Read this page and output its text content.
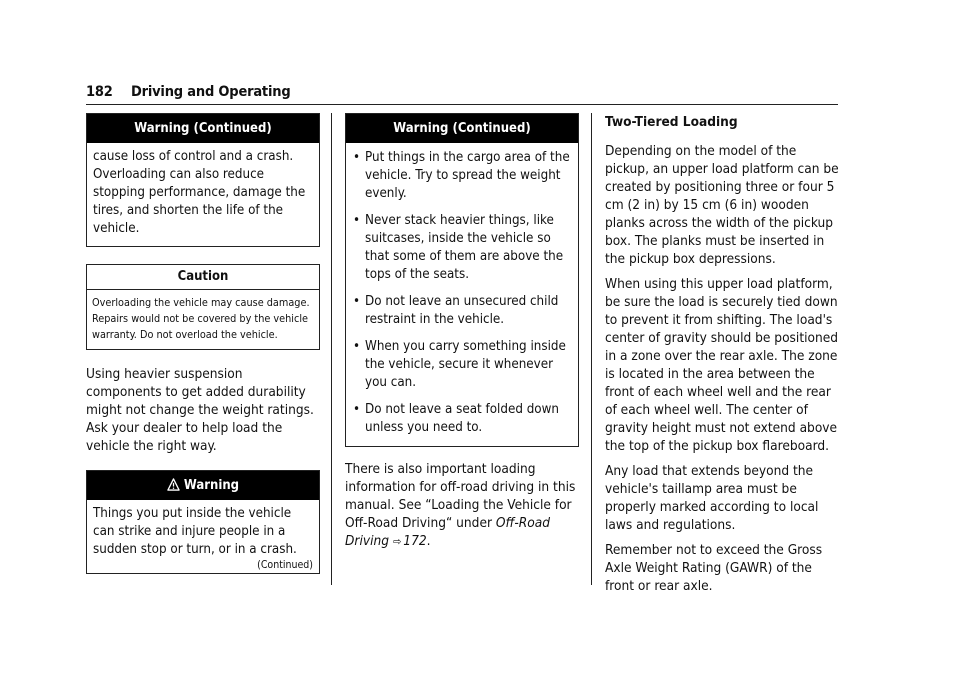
182 Driving and Operating
Warning (Continued)
cause loss of control and a crash. Overloading can also reduce stopping performance, damage the tires, and shorten the life of the vehicle.
Caution
Overloading the vehicle may cause damage. Repairs would not be covered by the vehicle warranty. Do not overload the vehicle.

Using heavier suspension components to get added durability might not change the weight ratings. Ask your dealer to help load the vehicle the right way.

Warning
Things you put inside the vehicle can strike and injure people in a sudden stop or turn, or in a crash.
(Continued)
Warning (Continued)
• Put things in the cargo area of the vehicle. Try to spread the weight evenly.
• Never stack heavier things, like suitcases, inside the vehicle so that some of them are above the tops of the seats.
• Do not leave an unsecured child restraint in the vehicle.
• When you carry something inside the vehicle, secure it whenever you can.
• Do not leave a seat folded down unless you need to.

There is also important loading information for off-road driving in this manual. See “Loading the Vehicle for Off-Road Driving“ under Off-Road Driving ⇨ 172.

Two-Tiered Loading

Depending on the model of the pickup, an upper load platform can be created by positioning three or four 5 cm (2 in) by 15 cm (6 in) wooden planks across the width of the pickup box. The planks must be inserted in the pickup box depressions.

When using this upper load platform, be sure the load is securely tied down to prevent it from shifting. The load's center of gravity should be positioned in a zone over the rear axle. The zone is located in the area between the front of each wheel well and the rear of each wheel well. The center of gravity height must not extend above the top of the pickup box flareboard.

Any load that extends beyond the vehicle's taillamp area must be properly marked according to local laws and regulations.

Remember not to exceed the Gross Axle Weight Rating (GAWR) of the front or rear axle.
